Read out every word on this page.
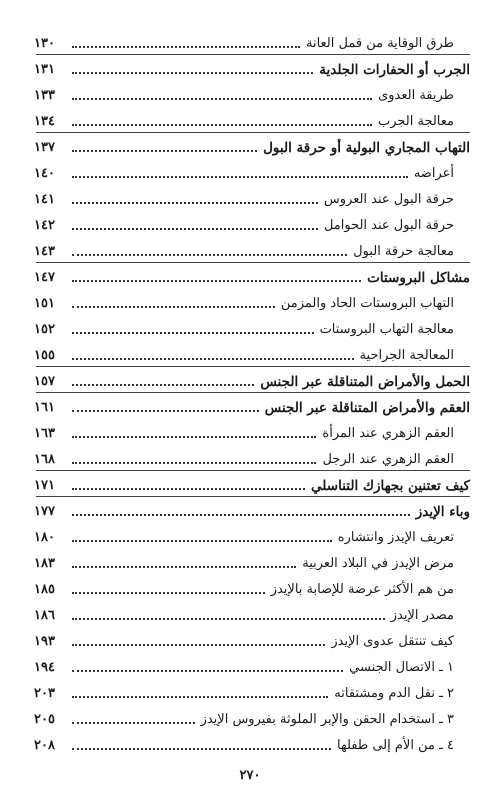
طرق الوقاية من قمل العانة
١٣٠
الجرب أو الحفارات الجلدية
١٣١
طريقة العدوى
١٣٣
معالجة الجرب
١٣٤
التهاب المجاري البولية أو حرقة البول
١٣٧
أعراضه
١٤٠
حرقة البول عند العروس
١٤١
حرقة البول عند الحوامل
١٤٢
معالجة حرقة البول
١٤٣
مشاكل البروستات
١٤٧
التهاب البروستات الحاد والمزمن
١٥١
معالجة التهاب البروستات
١٥٢
المعالجة الجراحية
١٥٥
الحمل والأمراض المتناقلة عبر الجنس
١٥٧
العقم والأمراض المتناقلة عبر الجنس
١٦١
العقم الزهري عند المرأة
١٦٣
العقم الزهري عند الرجل
١٦٨
كيف تعتنين بجهازك التناسلي
١٧١
وباء الإيدز
١٧٧
تعريف الإيدز وانتشاره
١٨٠
مرض الإيدز في البلاد العربية
١٨٣
من هم الأكثر عرضة للإصابة بالإيدز
١٨٥
مصدر الإيدز
١٨٦
كيف تنتقل عدوى الإيدز
١٩٣
١ ـ الاتصال الجنسي
١٩٤
٢ ـ نقل الدم ومشتقاته
٢٠٣
٣ ـ استخدام الحقن والإبر الملوثة بفيروس الإيدز
٢٠٥
٤ ـ من الأم إلى طفلها
٢٠٨
٢٧٠
